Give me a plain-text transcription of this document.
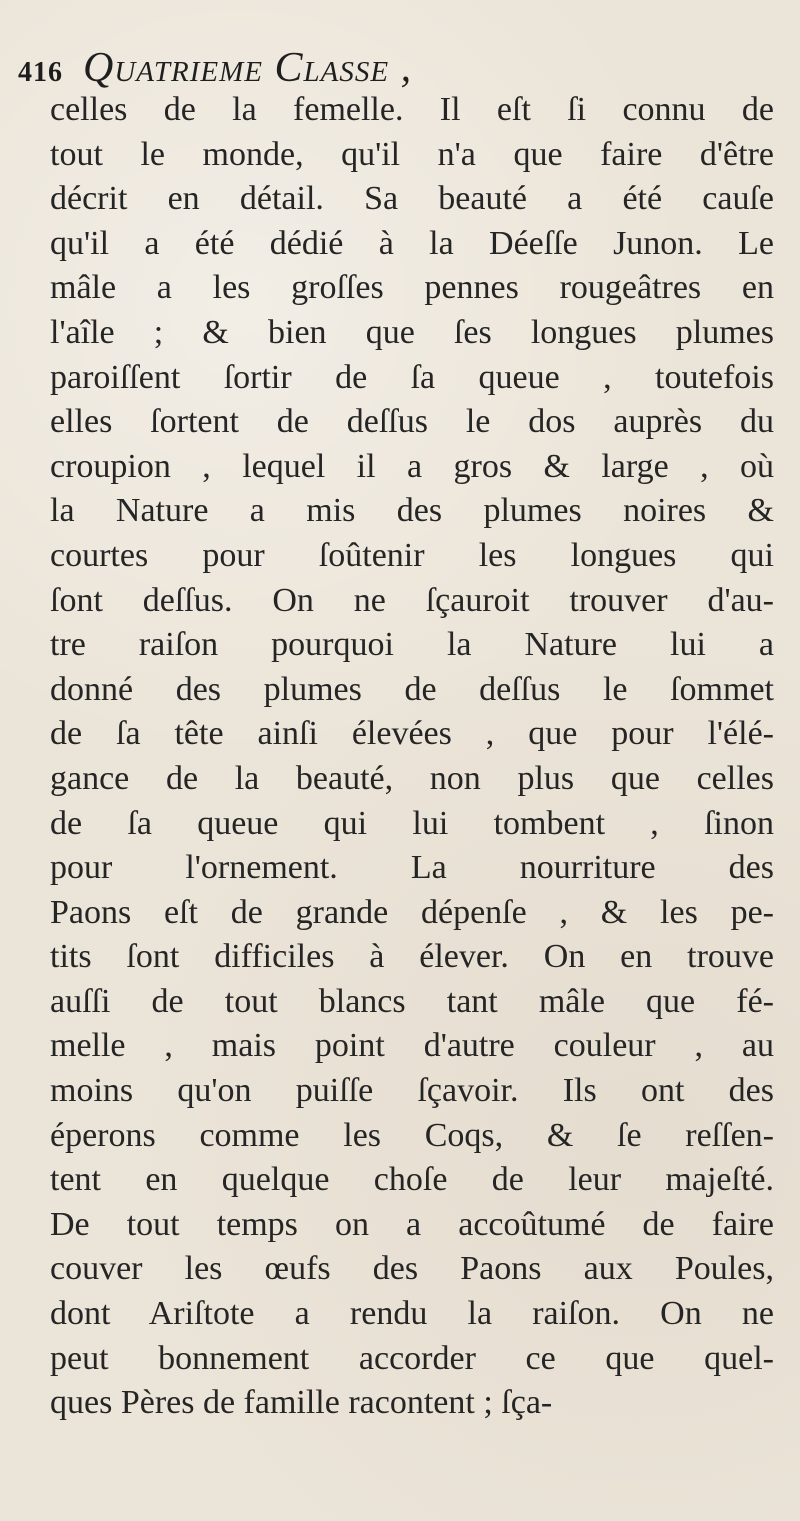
416 Quatrieme Classe ,
celles de la femelle. Il eſt ſi connu de
tout le monde, qu'il n'a que faire d'être
décrit en détail. Sa beauté a été cauſe
qu'il a été dédié à la Déeſſe Junon. Le
mâle a les groſſes pennes rougeâtres en
l'aîle ; & bien que ſes longues plumes
paroiſſent ſortir de ſa queue , toutefois
elles ſortent de deſſus le dos auprès du
croupion , lequel il a gros & large , où
la Nature a mis des plumes noires &
courtes pour ſoûtenir les longues qui
ſont deſſus. On ne ſçauroit trouver d'au-
tre raiſon pourquoi la Nature lui a
donné des plumes de deſſus le ſommet
de ſa tête ainſi élevées , que pour l'élé-
gance de la beauté, non plus que celles
de ſa queue qui lui tombent , ſinon
pour l'ornement. La nourriture des
Paons eſt de grande dépenſe , & les pe-
tits ſont difficiles à élever. On en trouve
auſſi de tout blancs tant mâle que fé-
melle , mais point d'autre couleur , au
moins qu'on puiſſe ſçavoir. Ils ont des
éperons comme les Coqs, & ſe reſſen-
tent en quelque choſe de leur majeſté.
De tout temps on a accoûtumé de faire
couver les œufs des Paons aux Poules,
dont Ariſtote a rendu la raiſon. On ne
peut bonnement accorder ce que quel-
ques Pères de famille racontent ; ſça-
